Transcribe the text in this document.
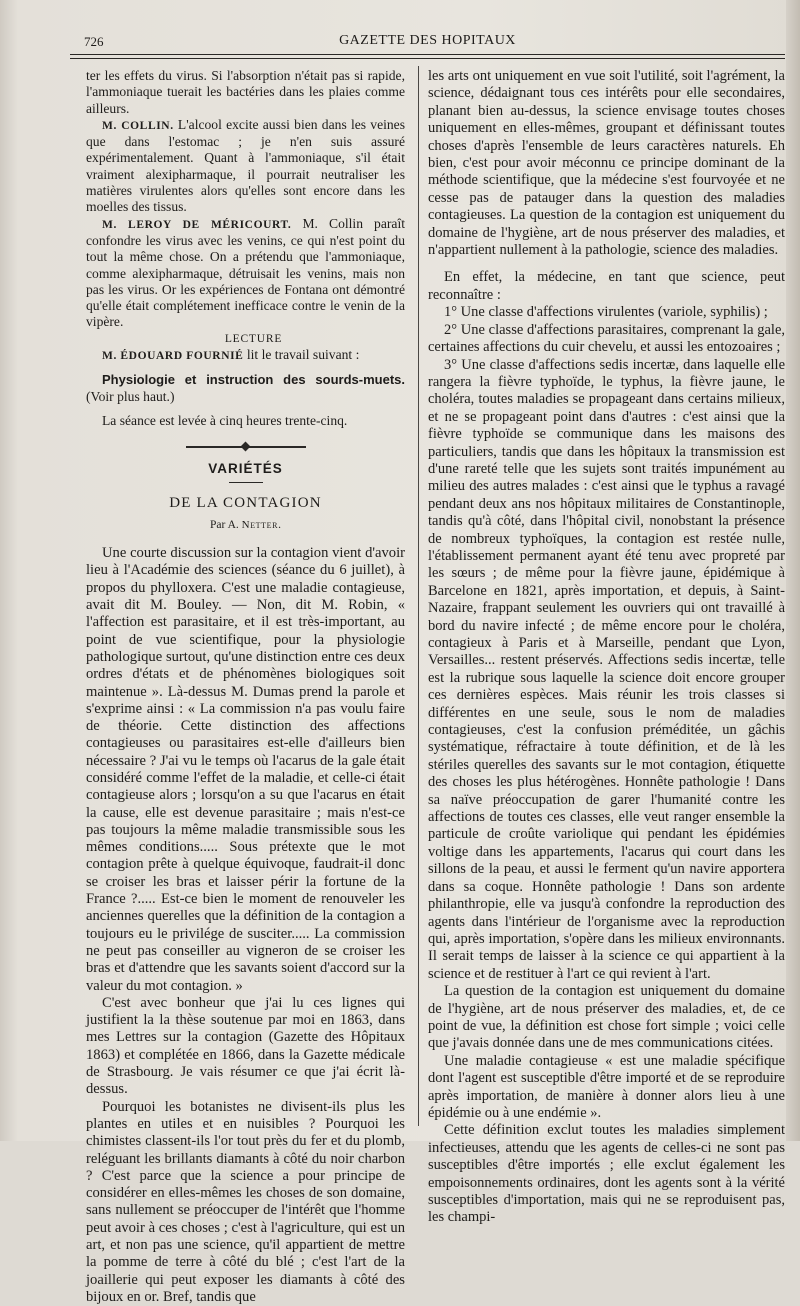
726	GAZETTE DES HOPITAUX

ter les effets du virus. Si l'absorption n'était pas si rapide, l'ammoniaque tuerait les bactéries dans les plaies comme ailleurs.

M. COLLIN. L'alcool excite aussi bien dans les veines que dans l'estomac ; je n'en suis assuré expérimentalement. Quant à l'ammoniaque, s'il était vraiment alexipharmaque, il pourrait neutraliser les matières virulentes alors qu'elles sont encore dans les moelles des tissus.

M. LEROY DE MÉRICOURT. M. Collin paraît confondre les virus avec les venins, ce qui n'est point du tout la même chose. On a prétendu que l'ammoniaque, comme alexipharmaque, détruisait les venins, mais non pas les virus. Or les expériences de Fontana ont démontré qu'elle était complétement inefficace contre le venin de la vipère.

LECTURE

M. ÉDOUARD FOURNIÉ lit le travail suivant :

Physiologie et instruction des sourds-muets. (Voir plus haut.)

La séance est levée à cinq heures trente-cinq.

VARIÉTÉS
DE LA CONTAGION
Par A. Netter.

Une courte discussion sur la contagion vient d'avoir lieu à l'Académie des sciences (séance du 6 juillet), à propos du phylloxera. C'est une maladie contagieuse, avait dit M. Bouley. — Non, dit M. Robin, « l'affection est parasitaire, et il est très-important, au point de vue scientifique, pour la physiologie pathologique surtout, qu'une distinction entre ces deux ordres d'états et de phénomènes biologiques soit maintenue ». Là-dessus M. Dumas prend la parole et s'exprime ainsi : « La commission n'a pas voulu faire de théorie. Cette distinction des affections contagieuses ou parasitaires est-elle d'ailleurs bien nécessaire ? J'ai vu le temps où l'acarus de la gale était considéré comme l'effet de la maladie, et celle-ci était contagieuse alors ; lorsqu'on a su que l'acarus en était la cause, elle est devenue parasitaire ; mais n'est-ce pas toujours la même maladie transmissible sous les mêmes conditions..... Sous prétexte que le mot contagion prête à quelque équivoque, faudrait-il donc se croiser les bras et laisser périr la fortune de la France ?..... Est-ce bien le moment de renouveler les anciennes querelles que la définition de la contagion a toujours eu le privilége de susciter..... La commission ne peut pas conseiller au vigneron de se croiser les bras et d'attendre que les savants soient d'accord sur la valeur du mot contagion. »

C'est avec bonheur que j'ai lu ces lignes qui justifient la la thèse soutenue par moi en 1863, dans mes Lettres sur la contagion (Gazette des Hôpitaux 1863) et complétée en 1866, dans la Gazette médicale de Strasbourg. Je vais résumer ce que j'ai écrit là-dessus.

Pourquoi les botanistes ne divisent-ils plus les plantes en utiles et en nuisibles ? Pourquoi les chimistes classent-ils l'or tout près du fer et du plomb, reléguant les brillants diamants à côté du noir charbon ? C'est parce que la science a pour principe de considérer en elles-mêmes les choses de son domaine, sans nullement se préoccuper de l'intérêt que l'homme peut avoir à ces choses ; c'est à l'agriculture, qui est un art, et non pas une science, qu'il appartient de mettre la pomme de terre à côté du blé ; c'est l'art de la joaillerie qui peut exposer les diamants à côté des bijoux en or. Bref, tandis que

les arts ont uniquement en vue soit l'utilité, soit l'agrément, la science, dédaignant tous ces intérêts pour elle secondaires, planant bien au-dessus, la science envisage toutes choses uniquement en elles-mêmes, groupant et définissant toutes choses d'après l'ensemble de leurs caractères naturels. Eh bien, c'est pour avoir méconnu ce principe dominant de la méthode scientifique, que la médecine s'est fourvoyée et ne cesse pas de patauger dans la question des maladies contagieuses. La question de la contagion est uniquement du domaine de l'hygiène, art de nous préserver des maladies, et n'appartient nullement à la pathologie, science des maladies.

En effet, la médecine, en tant que science, peut reconnaître :

1° Une classe d'affections virulentes (variole, syphilis) ;

2° Une classe d'affections parasitaires, comprenant la gale, certaines affections du cuir chevelu, et aussi les entozoaires ;

3° Une classe d'affections sedis incertæ, dans laquelle elle rangera la fièvre typhoïde, le typhus, la fièvre jaune, le choléra, toutes maladies se propageant dans certains milieux, et ne se propageant point dans d'autres : c'est ainsi que la fièvre typhoïde se communique dans les maisons des particuliers, tandis que dans les hôpitaux la transmission est d'une rareté telle que les sujets sont traités impunément au milieu des autres malades : c'est ainsi que le typhus a ravagé pendant deux ans nos hôpitaux militaires de Constantinople, tandis qu'à côté, dans l'hôpital civil, nonobstant la présence de nombreux typhoïques, la contagion est restée nulle, l'établissement permanent ayant été tenu avec propreté par les sœurs ; de même pour la fièvre jaune, épidémique à Barcelone en 1821, après importation, et depuis, à Saint-Nazaire, frappant seulement les ouvriers qui ont travaillé à bord du navire infecté ; de même encore pour le choléra, contagieux à Paris et à Marseille, pendant que Lyon, Versailles... restent préservés. Affections sedis incertæ, telle est la rubrique sous laquelle la science doit encore grouper ces dernières espèces. Mais réunir les trois classes si différentes en une seule, sous le nom de maladies contagieuses, c'est la confusion préméditée, un gâchis systématique, réfractaire à toute définition, et de là les stériles querelles des savants sur le mot contagion, étiquette des choses les plus hétérogènes. Honnête pathologie ! Dans sa naïve préoccupation de garer l'humanité contre les affections de toutes ces classes, elle veut ranger ensemble la particule de croûte variolique qui pendant les épidémies voltige dans les appartements, l'acarus qui court dans les sillons de la peau, et aussi le ferment qu'un navire apportera dans sa coque. Honnête pathologie ! Dans son ardente philanthropie, elle va jusqu'à confondre la reproduction des agents dans l'intérieur de l'organisme avec la reproduction qui, après importation, s'opère dans les milieux environnants. Il serait temps de laisser à la science ce qui appartient à la science et de restituer à l'art ce qui revient à l'art.

La question de la contagion est uniquement du domaine de l'hygiène, art de nous préserver des maladies, et, de ce point de vue, la définition est chose fort simple ; voici celle que j'avais donnée dans une de mes communications citées.

Une maladie contagieuse « est une maladie spécifique dont l'agent est susceptible d'être importé et de se reproduire après importation, de manière à donner alors lieu à une épidémie ou à une endémie ».

Cette définition exclut toutes les maladies simplement infectieuses, attendu que les agents de celles-ci ne sont pas susceptibles d'être importés ; elle exclut également les empoisonnements ordinaires, dont les agents sont à la vérité susceptibles d'importation, mais qui ne se reproduisent pas, les champi-
